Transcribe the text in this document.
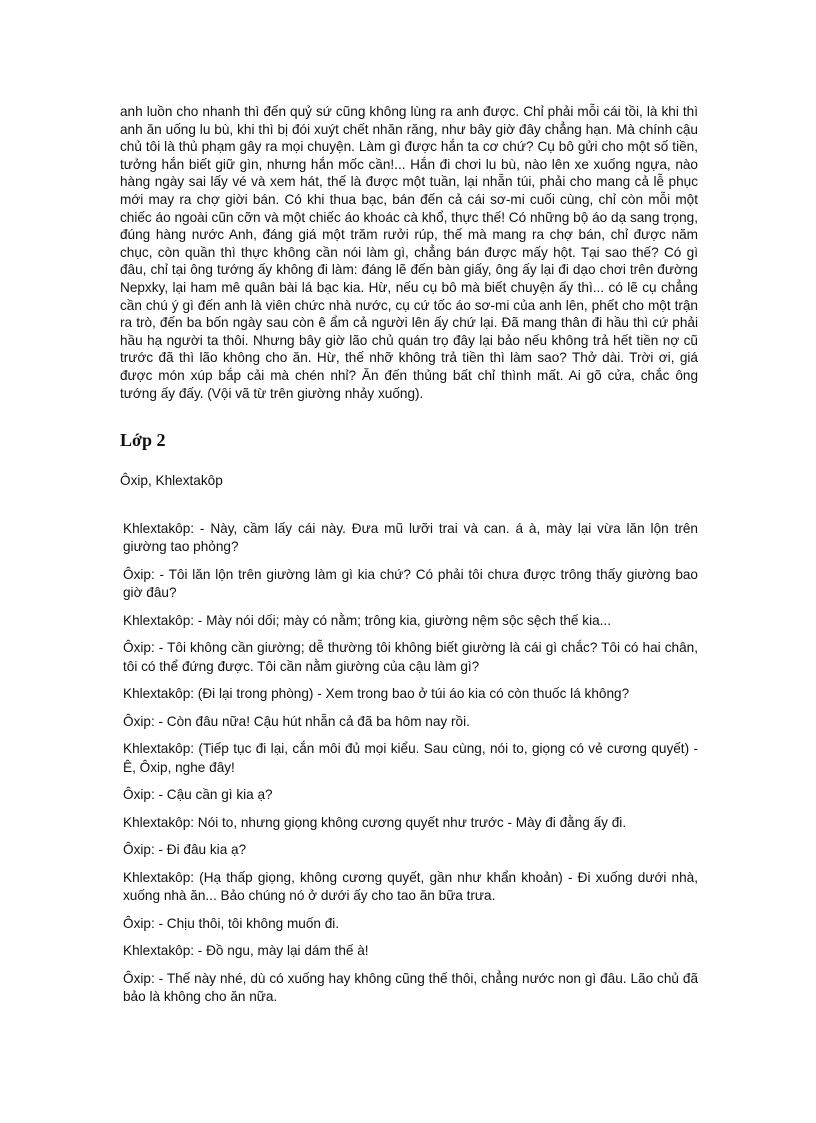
anh luồn cho nhanh thì đến quỷ sứ cũng không lùng ra anh được. Chỉ phải mỗi cái tồi, là khi thì anh ăn uống lu bù, khi thì bị đói xuýt chết nhăn răng, như bây giờ đây chẳng hạn. Mà chính cậu chủ tôi là thủ phạm gây ra mọi chuyện. Làm gì được hắn ta cơ chứ? Cụ bô gửi cho một số tiền, tưởng hắn biết giữ gìn, nhưng hắn mốc cần!... Hắn đi chơi lu bù, nào lên xe xuống ngựa, nào hàng ngày sai lấy vé và xem hát, thế là được một tuần, lại nhẵn túi, phải cho mang cả lễ phục mới may ra chợ giời bán. Có khi thua bạc, bán đến cả cái sơ-mi cuối cùng, chỉ còn mỗi một chiếc áo ngoài cũn cỡn và một chiếc áo khoác cà khổ, thực thế! Có những bộ áo dạ sang trọng, đúng hàng nước Anh, đáng giá một trăm rưởi rúp, thế mà mang ra chợ bán, chỉ được năm chục, còn quần thì thực không cần nói làm gì, chẳng bán được mấy hột. Tại sao thế? Có gì đâu, chỉ tại ông tướng ấy không đi làm: đáng lẽ đến bàn giấy, ông ấy lại đi dạo chơi trên đường Nepxky, lại ham mê quân bài lá bạc kia. Hừ, nếu cụ bô mà biết chuyện ấy thì... có lẽ cụ chẳng cần chú ý gì đến anh là viên chức nhà nước, cụ cứ tốc áo sơ-mi của anh lên, phết cho một trận ra trò, đến ba bốn ngày sau còn ê ẩm cả người lên ấy chứ lại. Đã mang thân đi hầu thì cứ phải hầu hạ người ta thôi. Nhưng bây giờ lão chủ quán trọ đây lại bảo nếu không trả hết tiền nợ cũ trước đã thì lão không cho ăn. Hừ, thế nhỡ không trả tiền thì làm sao? Thở dài. Trời ơi, giá được món xúp bắp cải mà chén nhỉ? Ăn đến thủng bất chỉ thình mất. Ai gõ cửa, chắc ông tướng ấy đấy. (Vội vã từ trên giường nhảy xuống).

Lớp 2

Ôxip, Khlextakôp

Khlextakôp: - Này, cầm lấy cái này. Đưa mũ lưỡi trai và can. á à, mày lại vừa lăn lộn trên giường tao phỏng?

Ôxip: - Tôi lăn lộn trên giường làm gì kia chứ? Có phải tôi chưa được trông thấy giường bao giờ đâu?

Khlextakôp: - Mày nói dối; mày có nằm; trông kia, giường nệm sộc sệch thế kia...

Ôxip: - Tôi không cần giường; dễ thường tôi không biết giường là cái gì chắc? Tôi có hai chân, tôi có thể đứng được. Tôi cần nằm giường của cậu làm gì?

Khlextakôp: (Đi lại trong phòng) - Xem trong bao ở túi áo kia có còn thuốc lá không?

Ôxip: - Còn đâu nữa! Cậu hút nhẵn cả đã ba hôm nay rồi.

Khlextakôp: (Tiếp tục đi lại, cắn môi đủ mọi kiểu. Sau cùng, nói to, giọng có vẻ cương quyết) - Ê, Ôxip, nghe đây!

Ôxip: - Cậu cần gì kia ạ?

Khlextakôp: Nói to, nhưng giọng không cương quyết như trước - Mày đi đằng ấy đi.

Ôxip: - Đi đâu kia ạ?

Khlextakôp: (Hạ thấp giọng, không cương quyết, gần như khẩn khoản) - Đi xuống dưới nhà, xuống nhà ăn... Bảo chúng nó ở dưới ấy cho tao ăn bữa trưa.

Ôxip: - Chịu thôi, tôi không muốn đi.

Khlextakôp: - Đồ ngu, mày lại dám thế à!

Ôxip: - Thế này nhé, dù có xuống hay không cũng thế thôi, chẳng nước non gì đâu. Lão chủ đã bảo là không cho ăn nữa.
